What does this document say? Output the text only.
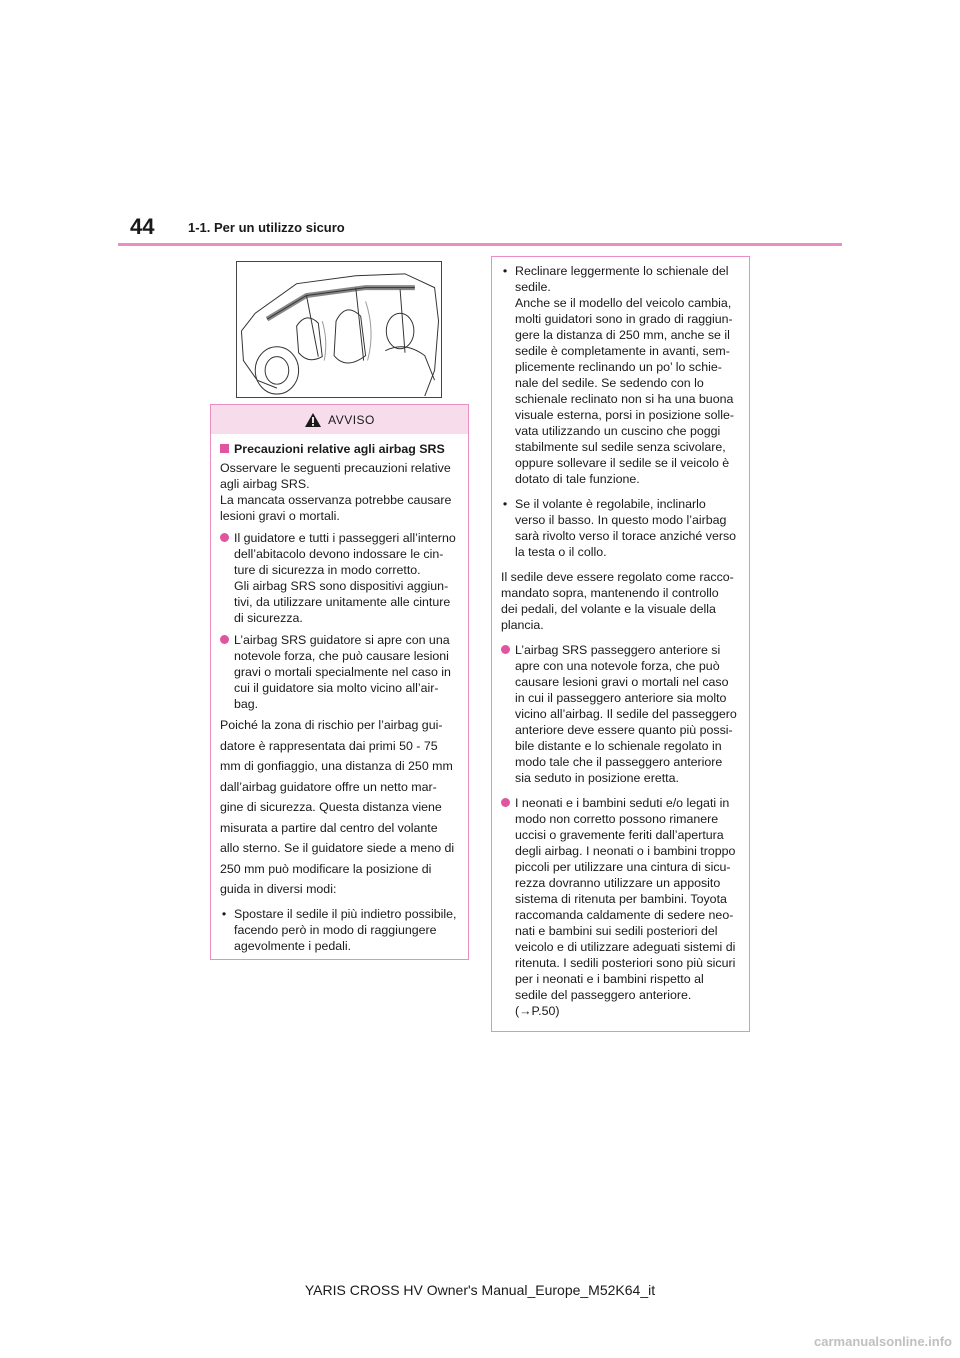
44	1-1. Per un utilizzo sicuro
AVVISO
Precauzioni relative agli airbag SRS
Osservare le seguenti precauzioni relative
agli airbag SRS.
La mancata osservanza potrebbe causare
lesioni gravi o mortali.
Il guidatore e tutti i passeggeri all’interno
dell’abitacolo devono indossare le cin-
ture di sicurezza in modo corretto.
Gli airbag SRS sono dispositivi aggiun-
tivi, da utilizzare unitamente alle cinture
di sicurezza.
L’airbag SRS guidatore si apre con una
notevole forza, che può causare lesioni
gravi o mortali specialmente nel caso in
cui il guidatore sia molto vicino all’air-
bag.
Poiché la zona di rischio per l’airbag gui-
datore è rappresentata dai primi 50 - 75
mm di gonfiaggio, una distanza di 250 mm
dall’airbag guidatore offre un netto mar-
gine di sicurezza. Questa distanza viene
misurata a partire dal centro del volante
allo sterno. Se il guidatore siede a meno di
250 mm può modificare la posizione di
guida in diversi modi:
• Spostare il sedile il più indietro possibile,
facendo però in modo di raggiungere
agevolmente i pedali.
• Reclinare leggermente lo schienale del
sedile.
Anche se il modello del veicolo cambia,
molti guidatori sono in grado di raggiun-
gere la distanza di 250 mm, anche se il
sedile è completamente in avanti, sem-
plicemente reclinando un po’ lo schie-
nale del sedile. Se sedendo con lo
schienale reclinato non si ha una buona
visuale esterna, porsi in posizione solle-
vata utilizzando un cuscino che poggi
stabilmente sul sedile senza scivolare,
oppure sollevare il sedile se il veicolo è
dotato di tale funzione.
• Se il volante è regolabile, inclinarlo
verso il basso. In questo modo l’airbag
sarà rivolto verso il torace anziché verso
la testa o il collo.
Il sedile deve essere regolato come racco-
mandato sopra, mantenendo il controllo
dei pedali, del volante e la visuale della
plancia.
L’airbag SRS passeggero anteriore si
apre con una notevole forza, che può
causare lesioni gravi o mortali nel caso
in cui il passeggero anteriore sia molto
vicino all’airbag. Il sedile del passeggero
anteriore deve essere quanto più possi-
bile distante e lo schienale regolato in
modo tale che il passeggero anteriore
sia seduto in posizione eretta.
I neonati e i bambini seduti e/o legati in
modo non corretto possono rimanere
uccisi o gravemente feriti dall’apertura
degli airbag. I neonati o i bambini troppo
piccoli per utilizzare una cintura di sicu-
rezza dovranno utilizzare un apposito
sistema di ritenuta per bambini. Toyota
raccomanda caldamente di sedere neo-
nati e bambini sui sedili posteriori del
veicolo e di utilizzare adeguati sistemi di
ritenuta. I sedili posteriori sono più sicuri
per i neonati e i bambini rispetto al
sedile del passeggero anteriore.
(→P.50)
YARIS CROSS HV Owner's Manual_Europe_M52K64_it
carmanualsonline.info
